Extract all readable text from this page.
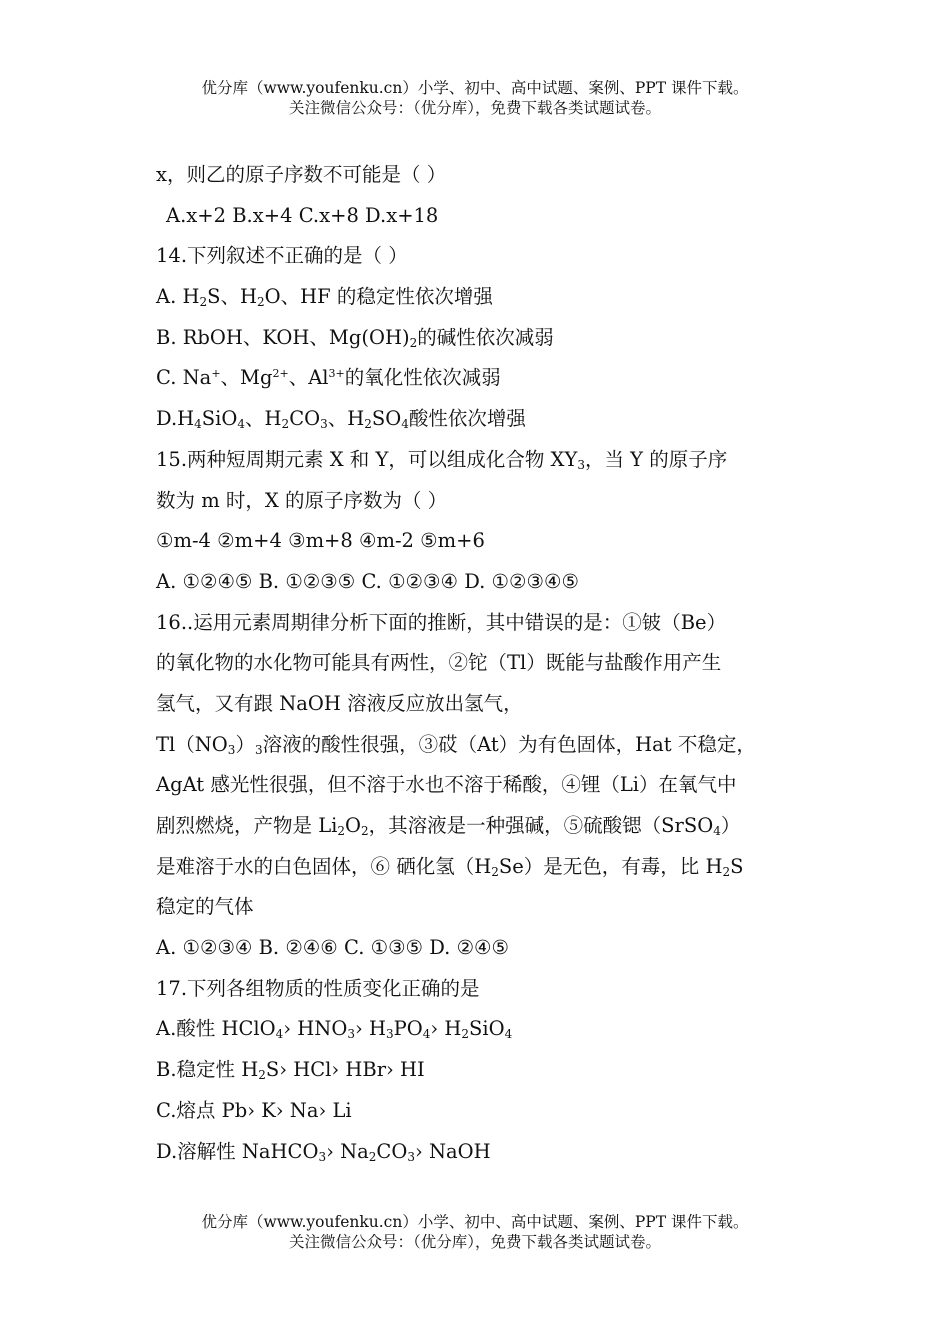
优分库（www.youfenku.cn）小学、初中、高中试题、案例、PPT 课件下载。
关注微信公众号：（优分库），免费下载各类试题试卷。
x，则乙的原子序数不可能是（ ）
A.x+2 B.x+4 C.x+8 D.x+18
14.下列叙述不正确的是（ ）
A. $H_2S$、$H_2O$、HF 的稳定性依次增强
B. RbOH、KOH、$Mg(OH)_2$的碱性依次减弱
C. Na+、$Mg^{2+}$、$Al^{3+}$的氧化性依次减弱
$D.H_4SiO_4$、$H_2CO_3$、$H_2SO_4$酸性依次增强
15.两种短周期元素 X 和 Y，可以组成化合物 $XY_3$，当 Y 的原子序
数为 m 时，X 的原子序数为（ ）
①m-4 ②m+4 ③m+8 ④m-2 ⑤m+6
A. ①②④⑤ B. ①②③⑤ C. ①②③④ D. ①②③④⑤
16..运用元素周期律分析下面的推断，其中错误的是：①铍（Be）
的氧化物的水化物可能具有两性，②铊（Tl）既能与盐酸作用产生
氢气，又有跟 NaOH 溶液反应放出氢气，
$Tl(NO_3)_3$溶液的酸性很强，③砹（At）为有色固体，Hat 不稳定，
AgAt 感光性很强，但不溶于水也不溶于稀酸，④锂（Li）在氧气中
剧烈燃烧，产物是 $Li_2O_2$，其溶液是一种强碱，⑤硫酸锶（SrSO$_4$）
是难溶于水的白色固体，⑥ 硒化氢$(H_2Se)$是无色，有毒，比 $H_2S$
稳定的气体
A. ①②③④ B. ②④⑥ C. ①③⑤ D. ②④⑤
17.下列各组物质的性质变化正确的是
A.酸性 HClO$_4$› $HNO_3›$ $H_3PO_4›$ $H_2SiO_4$
B.稳定性 $H_2S›$ HCl› HBr› HI
C.熔点 Pb› K› Na› Li
D.溶解性 NaHCO$_3$› $Na_2CO_3›$ NaOH
优分库（www.youfenku.cn）小学、初中、高中试题、案例、PPT 课件下载。
关注微信公众号：（优分库），免费下载各类试题试卷。
